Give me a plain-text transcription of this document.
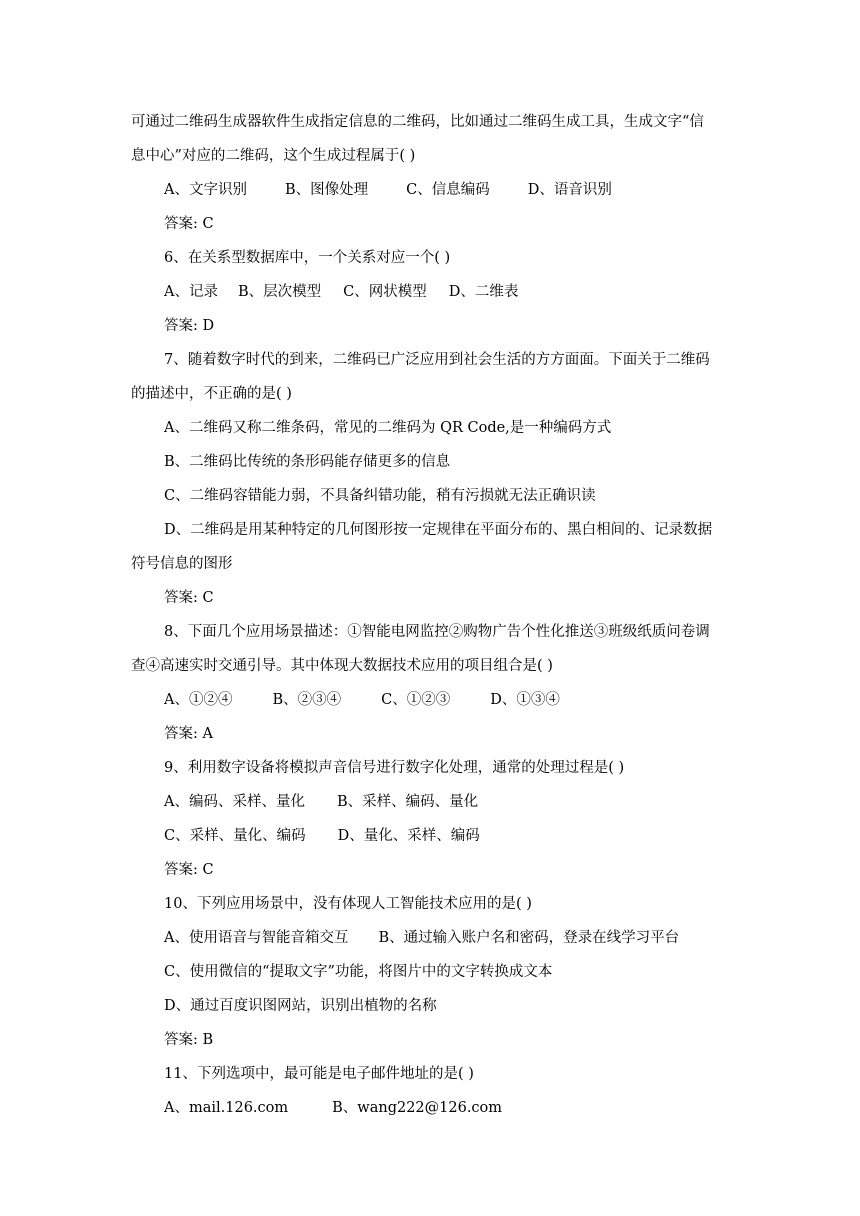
可通过二维码生成器软件生成指定信息的二维码，比如通过二维码生成工具，生成文字“信
息中心”对应的二维码，这个生成过程属于( )
A、文字识别	B、图像处理	C、信息编码	D、语音识别
答案: C
6、在关系型数据库中，一个关系对应一个( )
A、记录 B、层次模型 C、网状模型 D、二维表
答案: D
7、随着数字时代的到来，二维码已广泛应用到社会生活的方方面面。下面关于二维码
的描述中，不正确的是( )
A、二维码又称二维条码，常见的二维码为 QR Code,是一种编码方式
B、二维码比传统的条形码能存储更多的信息
C、二维码容错能力弱，不具备纠错功能，稍有污损就无法正确识读
D、二维码是用某种特定的几何图形按一定规律在平面分布的、黑白相间的、记录数据
符号信息的图形
答案: C
8、下面几个应用场景描述：①智能电网监控②购物广告个性化推送③班级纸质问卷调
查④高速实时交通引导。其中体现大数据技术应用的项目组合是( )
A、①②④	B、②③④	C、①②③	D、①③④
答案: A
9、利用数字设备将模拟声音信号进行数字化处理，通常的处理过程是( )
A、编码、采样、量化 B、采样、编码、量化
C、采样、量化、编码 D、量化、采样、编码
答案: C
10、下列应用场景中，没有体现人工智能技术应用的是( )
A、使用语音与智能音箱交互 B、通过输入账户名和密码，登录在线学习平台
C、使用微信的“提取文字”功能，将图片中的文字转换成文本
D、通过百度识图网站，识别出植物的名称
答案: B
11、下列选项中，最可能是电子邮件地址的是( )
A、mail.126.com	B、wang222@126.com
